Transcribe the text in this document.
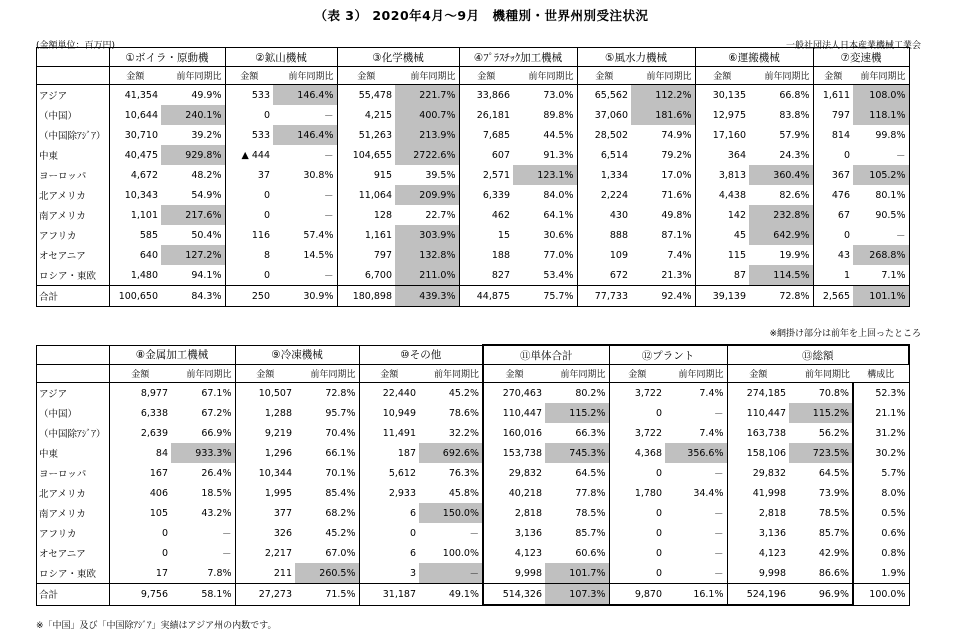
（表 3） 2020年4月～9月　機種別・世界州別受注状況
(金額単位：百万円)	一般社団法人日本産業機械工業会
	①ボイラ・原動機		②鉱山機械		③化学機械		④ﾌﾟﾗｽﾁｯｸ加工機械		⑤風水力機械		⑥運搬機械		⑦変速機	
	金額	前年同期比	金額	前年同期比	金額	前年同期比	金額	前年同期比	金額	前年同期比	金額	前年同期比	金額	前年同期比
アジア	41,354	49.9%	533	146.4%	55,478	221.7%	33,866	73.0%	65,562	112.2%	30,135	66.8%	1,611	108.0%
（中国）	10,644	240.1%	0	－	4,215	400.7%	26,181	89.8%	37,060	181.6%	12,975	83.8%	797	118.1%
（中国除ｱｼﾞｱ）	30,710	39.2%	533	146.4%	51,263	213.9%	7,685	44.5%	28,502	74.9%	17,160	57.9%	814	99.8%
中東	40,475	929.8%	▲ 444	－	104,655	2722.6%	607	91.3%	6,514	79.2%	364	24.3%	0	－
ヨーロッパ	4,672	48.2%	37	30.8%	915	39.5%	2,571	123.1%	1,334	17.0%	3,813	360.4%	367	105.2%
北アメリカ	10,343	54.9%	0	－	11,064	209.9%	6,339	84.0%	2,224	71.6%	4,438	82.6%	476	80.1%
南アメリカ	1,101	217.6%	0	－	128	22.7%	462	64.1%	430	49.8%	142	232.8%	67	90.5%
アフリカ	585	50.4%	116	57.4%	1,161	303.9%	15	30.6%	888	87.1%	45	642.9%	0	－
オセアニア	640	127.2%	8	14.5%	797	132.8%	188	77.0%	109	7.4%	115	19.9%	43	268.8%
ロシア・東欧	1,480	94.1%	0	－	6,700	211.0%	827	53.4%	672	21.3%	87	114.5%	1	7.1%
合計	100,650	84.3%	250	30.9%	180,898	439.3%	44,875	75.7%	77,733	92.4%	39,139	72.8%	2,565	101.1%
※網掛け部分は前年を上回ったところ
	⑧金属加工機械		⑨冷凍機械		⑩その他		⑪単体合計		⑫プラント		⑬総額		
	金額	前年同期比	金額	前年同期比	金額	前年同期比	金額	前年同期比	金額	前年同期比	金額	前年同期比	構成比
アジア	8,977	67.1%	10,507	72.8%	22,440	45.2%	270,463	80.2%	3,722	7.4%	274,185	70.8%	52.3%
（中国）	6,338	67.2%	1,288	95.7%	10,949	78.6%	110,447	115.2%	0	－	110,447	115.2%	21.1%
（中国除ｱｼﾞｱ）	2,639	66.9%	9,219	70.4%	11,491	32.2%	160,016	66.3%	3,722	7.4%	163,738	56.2%	31.2%
中東	84	933.3%	1,296	66.1%	187	692.6%	153,738	745.3%	4,368	356.6%	158,106	723.5%	30.2%
ヨーロッパ	167	26.4%	10,344	70.1%	5,612	76.3%	29,832	64.5%	0	－	29,832	64.5%	5.7%
北アメリカ	406	18.5%	1,995	85.4%	2,933	45.8%	40,218	77.8%	1,780	34.4%	41,998	73.9%	8.0%
南アメリカ	105	43.2%	377	68.2%	6	150.0%	2,818	78.5%	0	－	2,818	78.5%	0.5%
アフリカ	0	－	326	45.2%	0	－	3,136	85.7%	0	－	3,136	85.7%	0.6%
オセアニア	0	－	2,217	67.0%	6	100.0%	4,123	60.6%	0	－	4,123	42.9%	0.8%
ロシア・東欧	17	7.8%	211	260.5%	3	－	9,998	101.7%	0	－	9,998	86.6%	1.9%
合計	9,756	58.1%	27,273	71.5%	31,187	49.1%	514,326	107.3%	9,870	16.1%	524,196	96.9%	100.0%
※「中国」及び「中国除ｱｼﾞｱ」実績はアジア州の内数です。
